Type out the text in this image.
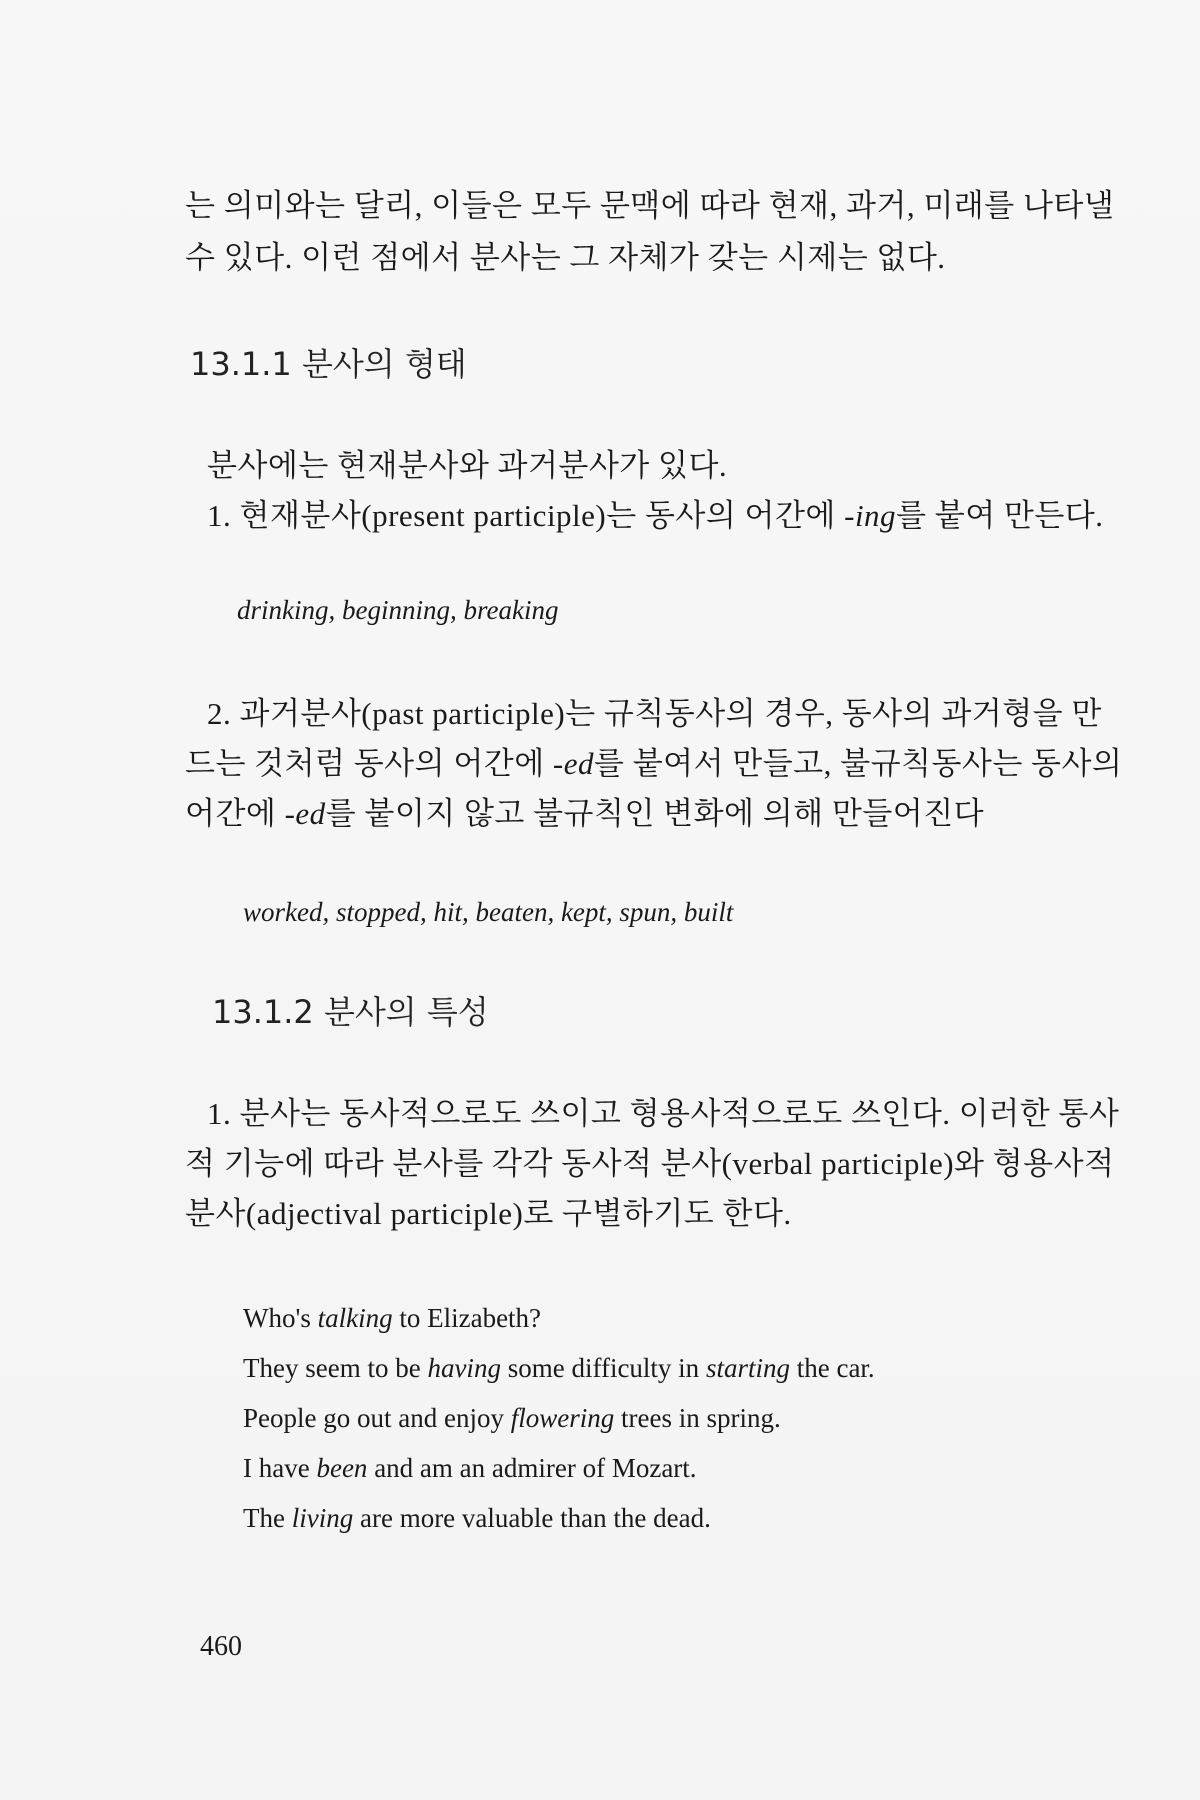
는 의미와는 달리, 이들은 모두 문맥에 따라 현재, 과거, 미래를 나타낼
수 있다. 이런 점에서 분사는 그 자체가 갖는 시제는 없다.
13.1.1 분사의 형태
분사에는 현재분사와 과거분사가 있다.
1. 현재분사(present participle)는 동사의 어간에 -ing를 붙여 만든다.
drinking, beginning, breaking
2. 과거분사(past participle)는 규칙동사의 경우, 동사의 과거형을 만
드는 것처럼 동사의 어간에 -ed를 붙여서 만들고, 불규칙동사는 동사의
어간에 -ed를 붙이지 않고 불규칙인 변화에 의해 만들어진다
worked, stopped, hit, beaten, kept, spun, built
13.1.2 분사의 특성
1. 분사는 동사적으로도 쓰이고 형용사적으로도 쓰인다. 이러한 통사
적 기능에 따라 분사를 각각 동사적 분사(verbal participle)와 형용사적
분사(adjectival participle)로 구별하기도 한다.
Who's talking to Elizabeth?
They seem to be having some difficulty in starting the car.
People go out and enjoy flowering trees in spring.
I have been and am an admirer of Mozart.
The living are more valuable than the dead.
460
